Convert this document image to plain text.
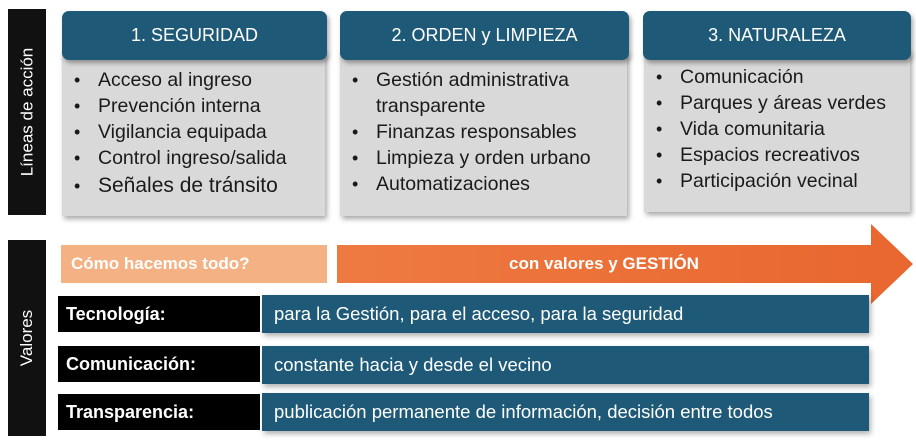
Líneas de acción
Valores
1. SEGURIDAD
• Acceso al ingreso
• Prevención interna
• Vigilancia equipada
• Control ingreso/salida
• Señales de tránsito
2. ORDEN y LIMPIEZA
• Gestión administrativa transparente
• Finanzas responsables
• Limpieza y orden urbano
• Automatizaciones
3. NATURALEZA
• Comunicación
• Parques y áreas verdes
• Vida comunitaria
• Espacios recreativos
• Participación vecinal
Cómo hacemos todo?	con valores y GESTIÓN
para la Gestión, para el acceso, para la seguridad
Tecnología:
constante hacia y desde el vecino
Comunicación:
publicación permanente de información, decisión entre todos
Transparencia:
